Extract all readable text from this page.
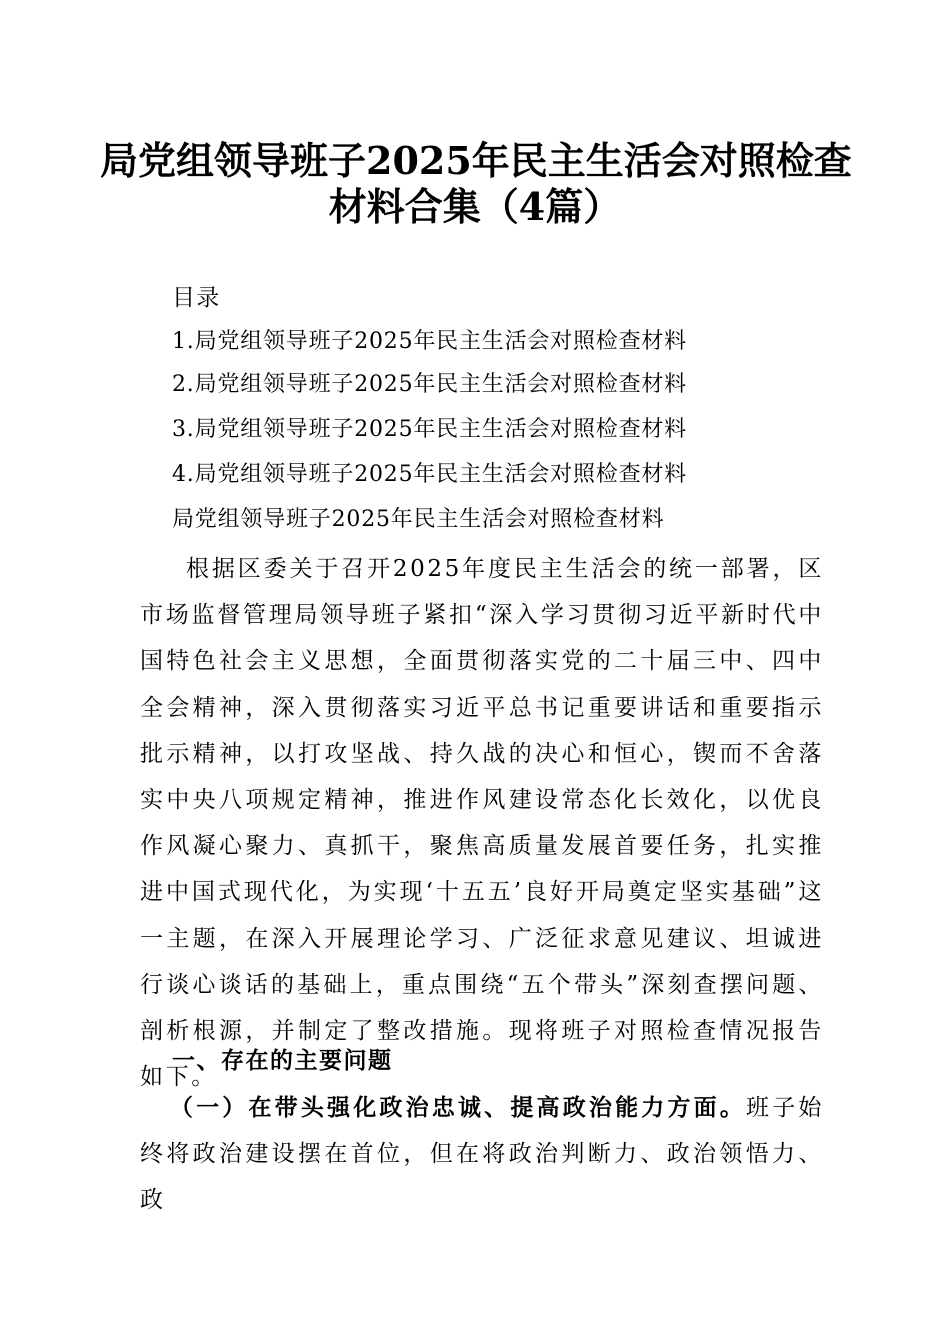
局党组领导班子2025年民主生活会对照检查
材料合集（4篇）
目录
1.局党组领导班子2025年民主生活会对照检查材料
2.局党组领导班子2025年民主生活会对照检查材料
3.局党组领导班子2025年民主生活会对照检查材料
4.局党组领导班子2025年民主生活会对照检查材料
局党组领导班子2025年民主生活会对照检查材料

根据区委关于召开2025年度民主生活会的统一部署，区市场监督管理局领导班子紧扣“深入学习贯彻习近平新时代中国特色社会主义思想，全面贯彻落实党的二十届三中、四中全会精神，深入贯彻落实习近平总书记重要讲话和重要指示批示精神，以打攻坚战、持久战的决心和恒心，锲而不舍落实中央八项规定精神，推进作风建设常态化长效化，以优良作风凝心聚力、真抓干，聚焦高质量发展首要任务，扎实推进中国式现代化，为实现‘十五五’良好开局奠定坚实基础”这一主题，在深入开展理论学习、广泛征求意见建议、坦诚进行谈心谈话的基础上，重点围绕“五个带头”深刻查摆问题、剖析根源，并制定了整改措施。现将班子对照检查情况报告如下。

一、存在的主要问题

（一）在带头强化政治忠诚、提高政治能力方面。班子始终将政治建设摆在首位，但在将政治判断力、政治领悟力、政
